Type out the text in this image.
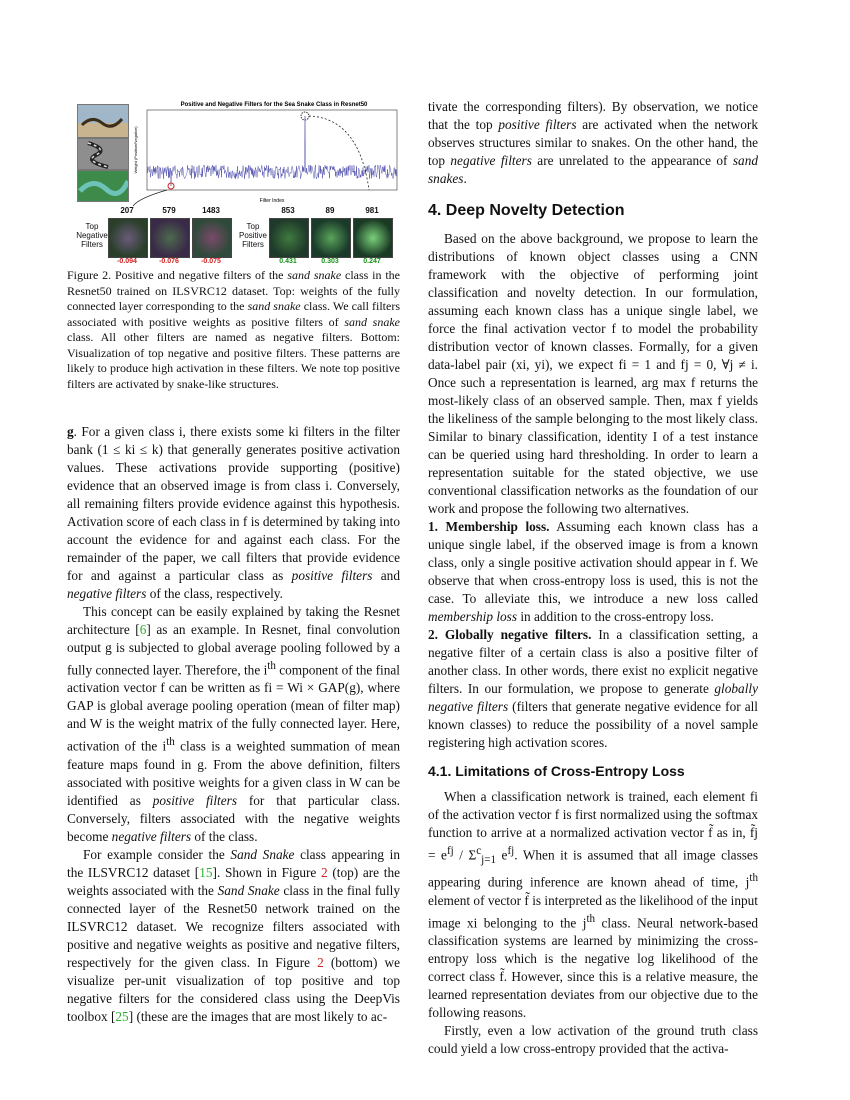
Positive and Negative Filters for the Sea Snake Class in Resnet50
Filter Index
Weight (Positive/Negative)
Top Negative Filters
Top Positive Filters
207	579	1483	853	89	981
-0.094	-0.076	-0.075	0.431	0.303	0.247
Figure 2. Positive and negative filters of the sand snake class in the Resnet50 trained on ILSVRC12 dataset. Top: weights of the fully connected layer corresponding to the sand snake class. We call filters associated with positive weights as positive filters of sand snake class. All other filters are named as negative filters. Bottom: Visualization of top negative and positive filters. These patterns are likely to produce high activation in these filters. We note top positive filters are activated by snake-like structures.

g. For a given class i, there exists some ki filters in the filter bank (1 ≤ ki ≤ k) that generally generates positive activation values. These activations provide supporting (positive) evidence that an observed image is from class i. Conversely, all remaining filters provide evidence against this hypothesis. Activation score of each class in f is determined by taking into account the evidence for and against each class. For the remainder of the paper, we call filters that provide evidence for and against a particular class as positive filters and negative filters of the class, respectively.

This concept can be easily explained by taking the Resnet architecture [6] as an example. In Resnet, final convolution output g is subjected to global average pooling followed by a fully connected layer. Therefore, the $i^{th}$ component of the final activation vector f can be written as fi = Wi × GAP(g), where GAP is global average pooling operation (mean of filter map) and W is the weight matrix of the fully connected layer. Here, activation of the $i^{th}$ class is a weighted summation of mean feature maps found in g. From the above definition, filters associated with positive weights for a given class in W can be identified as positive filters for that particular class. Conversely, filters associated with the negative weights become negative filters of the class.

For example consider the Sand Snake class appearing in the ILSVRC12 dataset [15]. Shown in Figure 2 (top) are the weights associated with the Sand Snake class in the final fully connected layer of the Resnet50 network trained on the ILSVRC12 dataset. We recognize filters associated with positive and negative weights as positive and negative filters, respectively for the given class. In Figure 2 (bottom) we visualize per-unit visualization of top positive and top negative filters for the considered class using the DeepVis toolbox [25] (these are the images that are most likely to ac-

tivate the corresponding filters). By observation, we notice that the top positive filters are activated when the network observes structures similar to snakes. On the other hand, the top negative filters are unrelated to the appearance of sand snakes.

4. Deep Novelty Detection

Based on the above background, we propose to learn the distributions of known object classes using a CNN framework with the objective of performing joint classification and novelty detection. In our formulation, assuming each known class has a unique single label, we force the final activation vector f to model the probability distribution vector of known classes. Formally, for a given data-label pair (xi, yi), we expect fi = 1 and fj = 0, ∀j ≠ i. Once such a representation is learned, arg max f returns the most-likely class of an observed sample. Then, max f yields the likeliness of the sample belonging to the most likely class. Similar to binary classification, identity I of a test instance can be queried using hard thresholding. In order to learn a representation suitable for the stated objective, we use conventional classification networks as the foundation of our work and propose the following two alternatives.

1. Membership loss. Assuming each known class has a unique single label, if the observed image is from a known class, only a single positive activation should appear in f. We observe that when cross-entropy loss is used, this is not the case. To alleviate this, we introduce a new loss called membership loss in addition to the cross-entropy loss.

2. Globally negative filters. In a classification setting, a negative filter of a certain class is also a positive filter of another class. In other words, there exist no explicit negative filters. In our formulation, we propose to generate globally negative filters (filters that generate negative evidence for all known classes) to reduce the possibility of a novel sample registering high activation scores.

4.1. Limitations of Cross-Entropy Loss

When a classification network is trained, each element fi of the activation vector f is first normalized using the softmax function to arrive at a normalized activation vector f̃ as in, f̃j = $e^{fj} / \Sigma^c_{j=1}$ $e^{fj}$. When it is assumed that all image classes appearing during inference are known ahead of time, $j^{th}$ element of vector f̃ is interpreted as the likelihood of the input image xi belonging to the $j^{th}$ class. Neural network-based classification systems are learned by minimizing the cross-entropy loss which is the negative log likelihood of the correct class f̃. However, since this is a relative measure, the learned representation deviates from our objective due to the following reasons.

Firstly, even a low activation of the ground truth class could yield a low cross-entropy provided that the activa-
